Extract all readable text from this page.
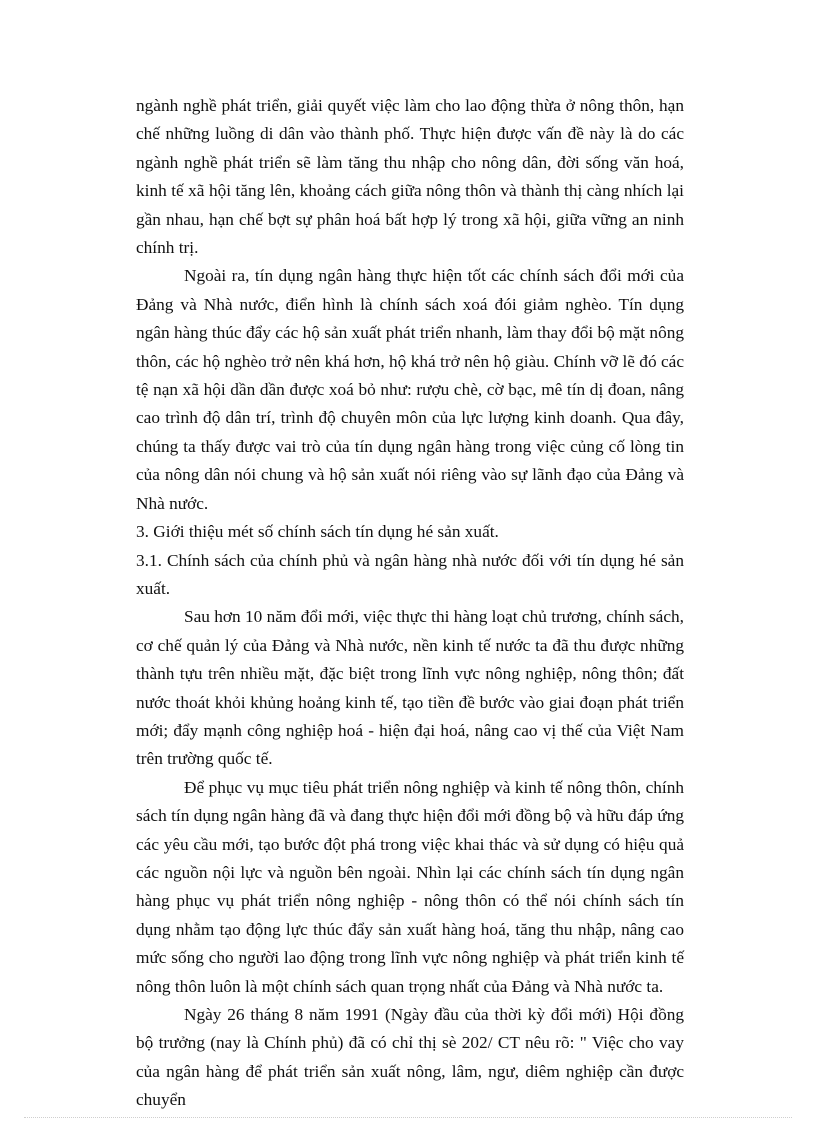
ngành nghề phát triển, giải quyết việc làm cho lao động thừa ở nông thôn, hạn chế những luồng di dân vào thành phố. Thực hiện được vấn đề này là do các ngành nghề phát triển sẽ làm tăng thu nhập cho nông dân, đời sống văn hoá, kinh tế xã hội tăng lên, khoảng cách giữa nông thôn và thành thị càng nhích lại gần nhau, hạn chế bợt sự phân hoá bất hợp lý trong xã hội, giữa vững an ninh chính trị.

Ngoài ra, tín dụng ngân hàng thực hiện tốt các chính sách đổi mới của Đảng và Nhà nước, điển hình là chính sách xoá đói giảm nghèo. Tín dụng ngân hàng thúc đẩy các hộ sản xuất phát triển nhanh, làm thay đổi bộ mặt nông thôn, các hộ nghèo trở nên khá hơn, hộ khá trở nên hộ giàu. Chính vỡ lẽ đó các tệ nạn xã hội dần dần được xoá bỏ như: rượu chè, cờ bạc, mê tín dị đoan, nâng cao trình độ dân trí, trình độ chuyên môn của lực lượng kinh doanh. Qua đây, chúng ta thấy được vai trò của tín dụng ngân hàng trong việc củng cố lòng tin của nông dân nói chung và hộ sản xuất nói riêng vào sự lãnh đạo của Đảng và Nhà nước.

3. Giới thiệu mét số chính sách tín dụng hé sản xuất.

3.1. Chính sách của chính phủ và ngân hàng nhà nước đối với tín dụng hé sản xuất.

Sau hơn 10 năm đổi mới, việc thực thi hàng loạt chủ trương, chính sách, cơ chế quản lý của Đảng và Nhà nước, nền kinh tế nước ta đã thu được những thành tựu trên nhiều mặt, đặc biệt trong lĩnh vực nông nghiệp, nông thôn; đất nước thoát khỏi khủng hoảng kinh tế, tạo tiền đề bước vào giai đoạn phát triển mới; đẩy mạnh công nghiệp hoá - hiện đại hoá, nâng cao vị thế của Việt Nam trên trường quốc tế.

Để phục vụ mục tiêu phát triển nông nghiệp và kinh tế nông thôn, chính sách tín dụng ngân hàng đã và đang thực hiện đổi mới đồng bộ và hữu đáp ứng các yêu cầu mới, tạo bước đột phá trong việc khai thác và sử dụng có hiệu quả các nguồn nội lực và nguồn bên ngoài. Nhìn lại các chính sách tín dụng ngân hàng phục vụ phát triển nông nghiệp - nông thôn có thể nói chính sách tín dụng nhằm tạo động lực thúc đẩy sản xuất hàng hoá, tăng thu nhập, nâng cao mức sống cho người lao động trong lĩnh vực nông nghiệp và phát triển kinh tế nông thôn luôn là một chính sách quan trọng nhất của Đảng và Nhà nước ta.

Ngày 26 tháng 8 năm 1991 (Ngày đầu của thời kỳ đổi mới) Hội đồng bộ trưởng (nay là Chính phủ) đã có chỉ thị sè 202/ CT nêu rõ: " Việc cho vay của ngân hàng để phát triển sản xuất nông, lâm, ngư, diêm nghiệp cần được chuyển
